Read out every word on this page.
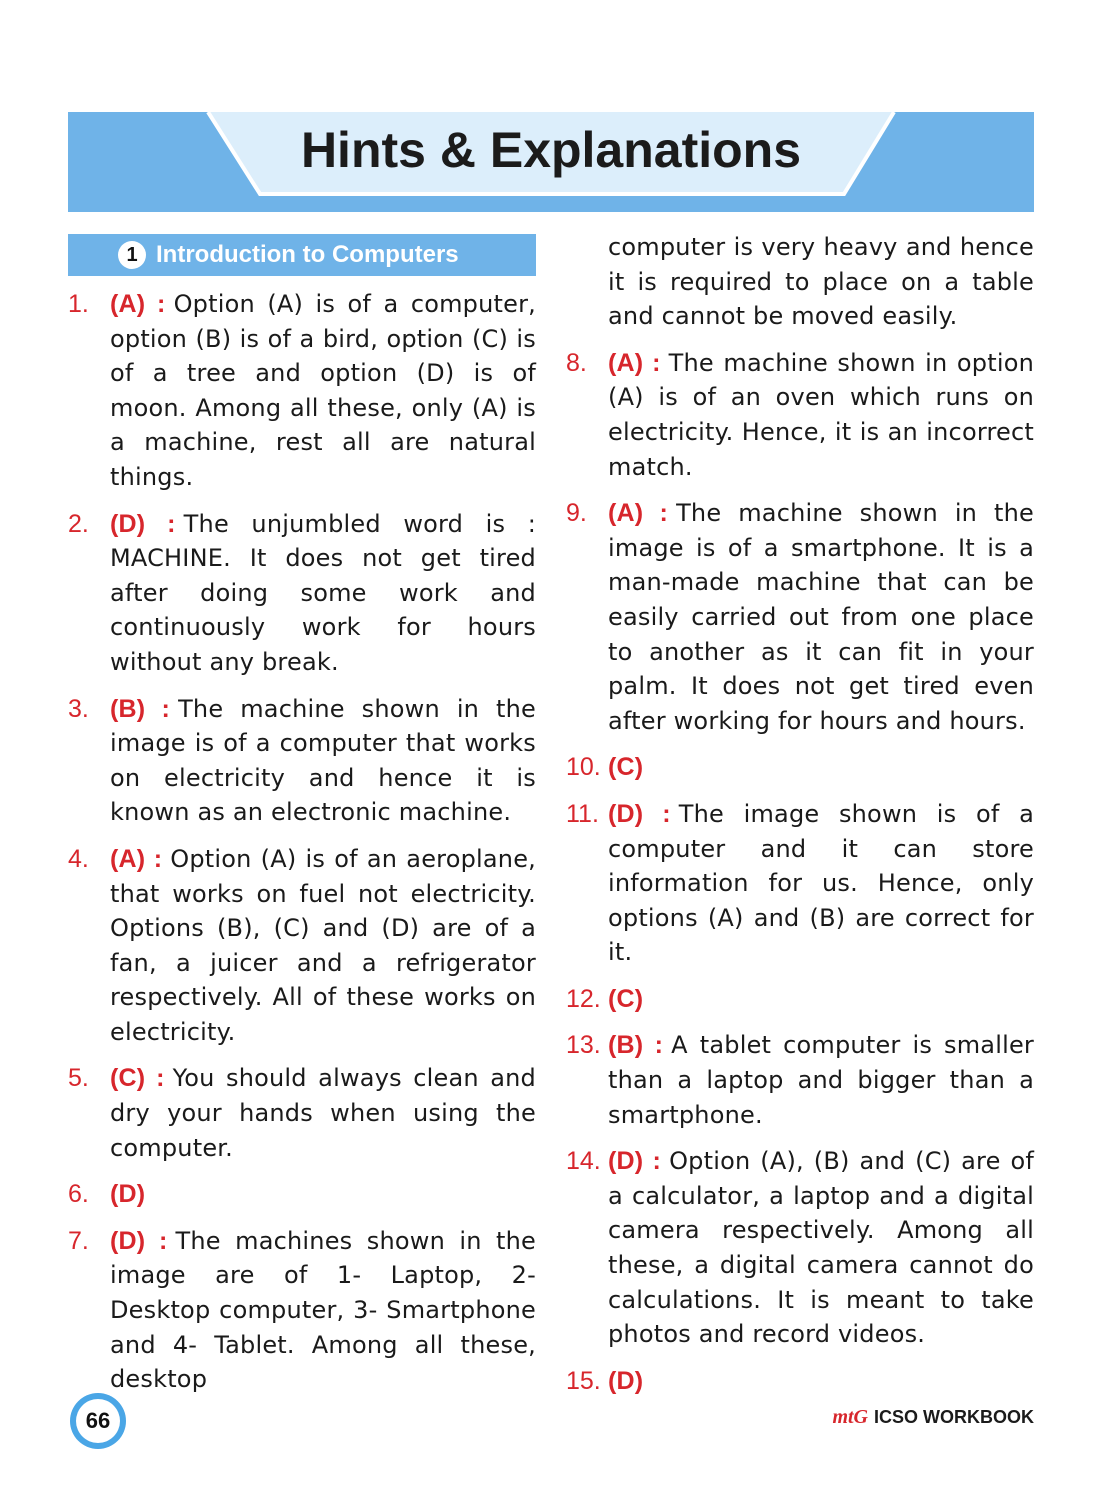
Hints & Explanations
1 Introduction to Computers
1. (A) : Option (A) is of a computer, option (B) is of a bird, option (C) is of a tree and option (D) is of moon. Among all these, only (A) is a machine, rest all are natural things.

2. (D) : The unjumbled word is : MACHINE. It does not get tired after doing some work and continuously work for hours without any break.

3. (B) : The machine shown in the image is of a computer that works on electricity and hence it is known as an electronic machine.

4. (A) : Option (A) is of an aeroplane, that works on fuel not electricity. Options (B), (C) and (D) are of a fan, a juicer and a refrigerator respectively. All of these works on electricity.

5. (C) : You should always clean and dry your hands when using the computer.

6. (D)

7. (D) : The machines shown in the image are of 1- Laptop, 2- Desktop computer, 3- Smartphone and 4- Tablet. Among all these, desktop

computer is very heavy and hence it is required to place on a table and cannot be moved easily.

8. (A) : The machine shown in option (A) is of an oven which runs on electricity. Hence, it is an incorrect match.

9. (A) : The machine shown in the image is of a smartphone. It is a man-made machine that can be easily carried out from one place to another as it can fit in your palm. It does not get tired even after working for hours and hours.

10. (C)

11. (D) : The image shown is of a computer and it can store information for us. Hence, only options (A) and (B) are correct for it.

12. (C)

13. (B) : A tablet computer is smaller than a laptop and bigger than a smartphone.

14. (D) : Option (A), (B) and (C) are of a calculator, a laptop and a digital camera respectively. Among all these, a digital camera cannot do calculations. It is meant to take photos and record videos.

15. (D)

66	mtG ICSO WORKBOOK
